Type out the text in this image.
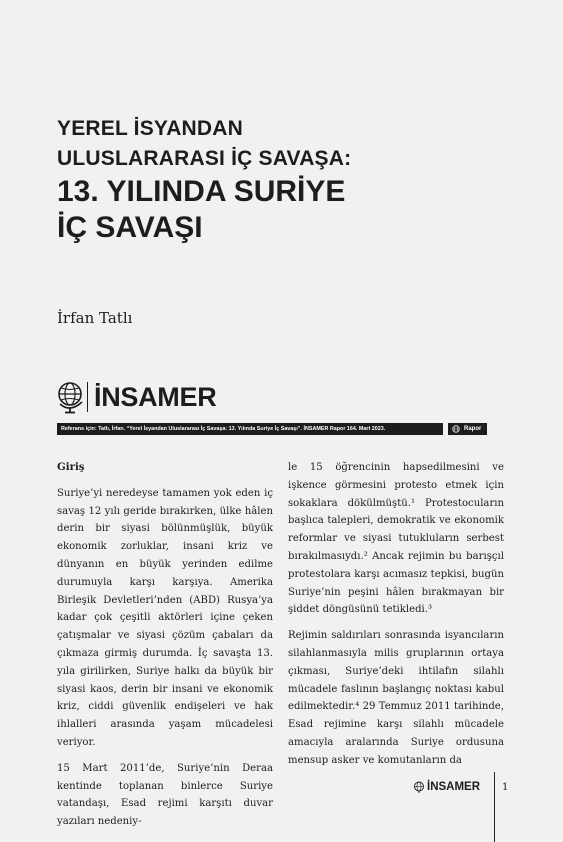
YEREL İSYANDAN

ULUSLARARASI İÇ SAVAŞA:

13. YILINDA SURİYE

İÇ SAVAŞI

İrfan Tatlı

İNSAMER
Referans için: Tatlı, İrfan. “Yerel İsyandan Uluslararası İç Savaşa: 13. Yılında Suriye İç Savaşı”. İNSAMER Rapor 164. Mart 2023.	Rapor

Giriş

Suriye’yi neredeyse tamamen yok eden iç savaş 12 yılı geride bırakırken, ülke hâlen derin bir siyasi bölünmüşlük, büyük ekonomik zorluklar, insani kriz ve dünyanın en büyük yerinden edilme durumuyla karşı karşıya. Amerika Birleşik Devletleri’nden (ABD) Rusya’ya kadar çok çeşitli aktörleri içine çeken çatışmalar ve siyasi çözüm çabaları da çıkmaza girmiş durumda. İç savaşta 13. yıla girilirken, Suriye halkı da büyük bir siyasi kaos, derin bir insani ve ekonomik kriz, ciddi güvenlik endişeleri ve hak ihlalleri arasında yaşam mücadelesi veriyor.

15 Mart 2011’de, Suriye’nin Deraa kentinde toplanan binlerce Suriye vatandaşı, Esad rejimi karşıtı duvar yazıları nedeniy-

le 15 öğrencinin hapsedilmesini ve işkence görmesini protesto etmek için sokaklara dökülmüştü.¹ Protestocuların başlıca talepleri, demokratik ve ekonomik reformlar ve siyasi tutukluların serbest bırakılmasıydı.² Ancak rejimin bu barışçıl protestolara karşı acımasız tepkisi, bugün Suriye’nin peşini hâlen bırakmayan bir şiddet döngüsünü tetikledi.³

Rejimin saldırıları sonrasında isyancıların silahlanmasıyla milis gruplarının ortaya çıkması, Suriye’deki ihtilafın silahlı mücadele faslının başlangıç noktası kabul edilmektedir.⁴ 29 Temmuz 2011 tarihinde, Esad rejimine karşı silahlı mücadele amacıyla aralarında Suriye ordusuna mensup asker ve komutanların da

İNSAMER 1
